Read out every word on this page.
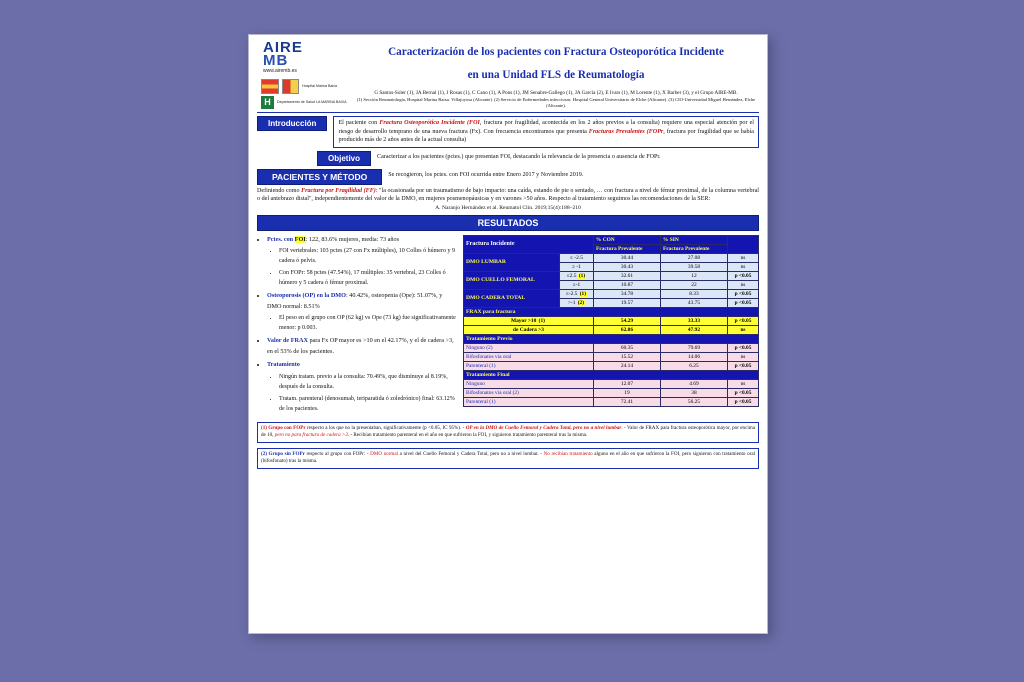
AIRE
MB
www.airemb.es
Hospital Marina Baixa
H	Departamento de Salud LA MARINA BAIXA
Caracterización de los pacientes con Fractura Osteoporótica Incidente
en una Unidad FLS de Reumatología
G Santos-Soler (1), JA Bernal (1), J Rosas (1), C Cano (1), A Pons (1), JM Senabre-Gallego (1), JA García (2), E Ivars (1), M Lorente (1), X Barber (3), y el Grupo AIRE-MB.
(1) Sección Reumatología, Hospital Marina Baixa. Villajoyosa (Alicante). (2) Servicio de Enfermedades infecciosas. Hospital General Universitario de Elche (Alicante). (3) CIO-Universidad Miguel Hernández, Elche (Alicante).
Introducción	El paciente con Fractura Osteoporótica Incidente (FOI, fractura por fragilidad, acontecida en los 2 años previos a la consulta) requiere una especial atención por el riesgo de desarrollo temprano de una nueva fractura (Fx). Con frecuencia encontramos que presenta Fracturas Prevalentes (FOPr, fractura por fragilidad que se había producido más de 2 años antes de la actual consulta)
Objetivo	Caracterizar a los pacientes (pctes.) que presentan FOI, destacando la relevancia de la presencia o ausencia de FOPr.
PACIENTES Y MÉTODO	Se recogieron, los pctes. con FOI ocurrida entre Enero 2017 y Noviembre 2019.
Definiendo como Fractura por Fragilidad (FF): "la ocasionada por un traumatismo de bajo impacto: una caída, estando de pie o sentado, … con fractura a nivel de fémur proximal, de la columna vertebral o del antebrazo distal", independientemente del valor de la DMO, en mujeres posmenopáusicas y en varones >50 años. Respecto al tratamiento seguimos las recomendaciones de la SER:
A. Naranjo Hernández et al. Reumatol Clin. 2019;15(4):188–210
RESULTADOS
• Pctes. con FOI: 122, 83.6% mujeres, media: 73 años
• FOI vertebrales: 103 pctes (27 con Fx múltiples), 10 Colles ó húmero y 9 cadera ó pelvis.
• Con FOPr: 58 pctes (47.54%), 17 múltiples: 35 vertebral, 23 Colles ó húmero y 5 cadera ó fémur proximal.
• Osteoporosis (OP) en la DMO: 40.42%, osteopenia (Ope): 51.07%, y DMO normal: 8.51%
• El peso en el grupo con OP (62 kg) vs Ope (73 kg) fue significativamente menor: p 0.003.
• Valor de FRAX para Fx OP mayor es >10 en el 42.17%, y el de cadera >3, en el 53% de los pacientes.
• Tratamiento
• Ningún tratam. previo a la consulta: 70.49%, que disminuye al 8.19%, después de la consulta.
• Tratam. parenteral (denosumab, teriparatida ó zoledrónico) final: 63.12% de los pacientes.
Fractura Incidente		% CON	% SIN	
		Fractura Prevalente	Fractura Prevalente	
DMO LUMBAR	≤ -2.5	30.44	27.08	ns
	≥ -1	30.43	39.58	ns
DMO CUELLO FEMORAL	≤2.5 (1)	32.61	12	p <0.05
	≥-1	10.87	22	ns
DMO CADERA TOTAL	≤-2.5 (1)	34.78	8.33	p <0.05
	>-1 (2)	19.57	43.75	p <0.05
FRAX para fractura				
Mayor >10 (1)		54.29	33.33	p <0.05
de Cadera >3		62.86	47.92	ns
Tratamiento Previo				
Ninguno (2)		60.35	79.69	p <0.05
Bifosfonatos via oral		15.52	14.06	ns
Parenteral (1)		24.14	6.25	p <0.05
Tratamiento Final				
Ninguno		12.07	4.69	ns
Bifosfonatos via oral (2)		19	38	p <0.05
Parenteral (1)		72.41	56.25	p <0.05
(1) Grupo con FOPr respecto a los que no la presentaban, significativamente (p <0.05, IC 95%). - OP en la DMO de Cuello Femoral y Cadera Total, pero no a nivel lumbar. - Valor de FRAX para fractura osteoporótica mayor, por encima de 10, pero no para fractura de cadera >3. - Recibían tratamiento parenteral en el año en que sufrieron la FOI, y siguieron tratamiento parenteral tras la misma.
(2) Grupo sin FOPr respecto al grupo con FOPr: - DMO normal a nivel del Cuello Femoral y Cadera Total, pero no a nivel lumbar. - No recibían tratamiento alguno en el año en que sufrieron la FOI, pero siguieron con tratamiento oral (bifosfonato) tras la misma.
